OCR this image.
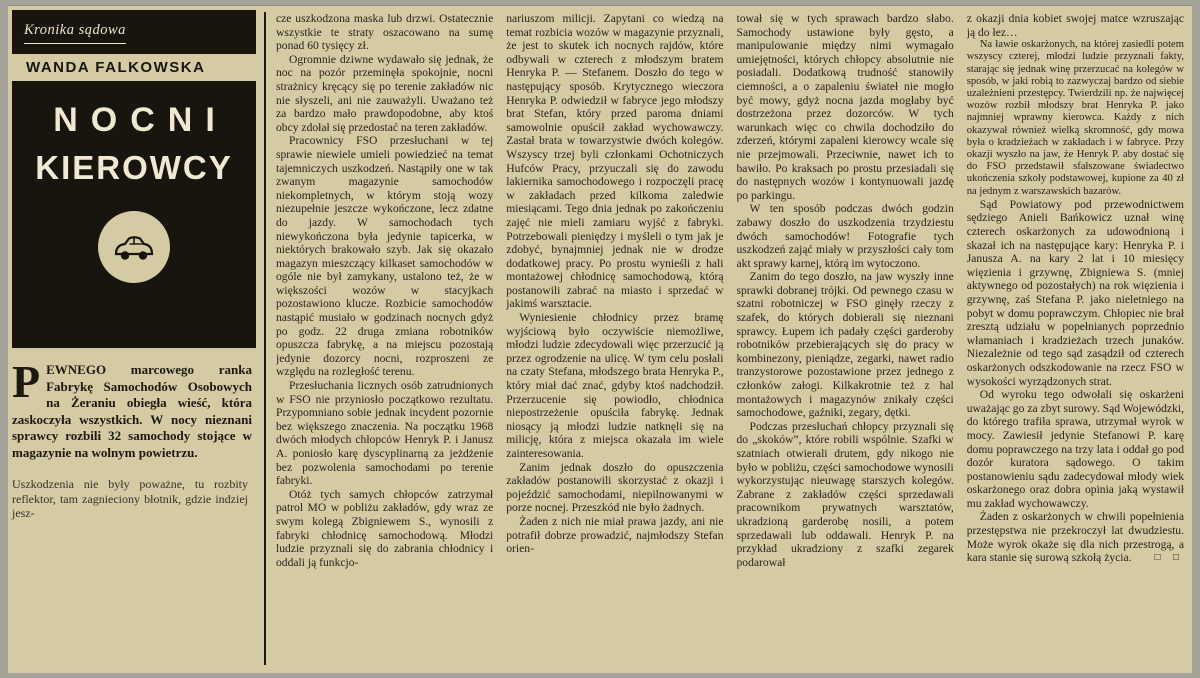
Kronika sądowa
WANDA FALKOWSKA
NOCNI
KIEROWCY

PEWNEGO marcowego ranka Fabrykę Samochodów Osobowych na Żeraniu obiegła wieść, która zaskoczyła wszystkich. W nocy nieznani sprawcy rozbili 32 samochody stojące w magazynie na wolnym powietrzu.

Uszkodzenia nie były poważne, tu rozbity reflektor, tam zagnieciony błotnik, gdzie indziej jesz-

cze uszkodzona maska lub drzwi. Ostatecznie wszystkie te straty oszacowano na sumę ponad 60 tysięcy zł.

Ogromnie dziwne wydawało się jednak, że noc na pozór przeminęła spokojnie, nocni strażnicy kręcący się po terenie zakładów nic nie słyszeli, ani nie zauważyli. Uważano też za bardzo mało prawdopodobne, aby ktoś obcy zdołał się przedostać na teren zakładów.

Pracownicy FSO przesłuchani w tej sprawie niewiele umieli powiedzieć na temat tajemniczych uszkodzeń. Nastąpiły one w tak zwanym magazynie samochodów niekompletnych, w którym stoją wozy niezupełnie jeszcze wykończone, lecz zdatne do jazdy. W samochodach tych niewykończona była jedynie tapicerka, w niektórych brakowało szyb. Jak się okazało magazyn mieszczący kilkaset samochodów w ogóle nie był zamykany, ustalono też, że w większości wozów w stacyjkach pozostawiono klucze. Rozbicie samochodów nastąpić musiało w godzinach nocnych gdyż po godz. 22 druga zmiana robotników opuszcza fabrykę, a na miejscu pozostają jedynie dozorcy nocni, rozproszeni ze względu na rozległość terenu.

Przesłuchania licznych osób zatrudnionych w FSO nie przyniosło początkowo rezultatu. Przypomniano sobie jednak incydent pozornie bez większego znaczenia. Na początku 1968 dwóch młodych chłopców Henryk P. i Janusz A. poniosło karę dyscyplinarną za jeżdżenie bez pozwolenia samochodami po terenie fabryki.

Otóż tych samych chłopców zatrzymał patrol MO w pobliżu zakładów, gdy wraz ze swym kolegą Zbigniewem S., wynosili z fabryki chłodnicę samochodową. Młodzi ludzie przyznali się do zabrania chłodnicy i oddali ją funkcjo-

nariuszom milicji. Zapytani co wiedzą na temat rozbicia wozów w magazynie przyznali, że jest to skutek ich nocnych rajdów, które odbywali w czterech z młodszym bratem Henryka P. — Stefanem. Doszło do tego w następujący sposób. Krytycznego wieczora Henryka P. odwiedził w fabryce jego młodszy brat Stefan, który przed paroma dniami samowolnie opuścił zakład wychowawczy. Zastał brata w towarzystwie dwóch kolegów. Wszyscy trzej byli członkami Ochotniczych Hufców Pracy, przyuczali się do zawodu lakiernika samochodowego i rozpoczęli pracę w zakładach przed kilkoma zaledwie miesiącami. Tego dnia jednak po zakończeniu zajęć nie mieli zamiaru wyjść z fabryki. Potrzebowali pieniędzy i myśleli o tym jak je zdobyć, bynajmniej jednak nie w drodze dodatkowej pracy. Po prostu wynieśli z hali montażowej chłodnicę samochodową, którą postanowili zabrać na miasto i sprzedać w jakimś warsztacie.

Wyniesienie chłodnicy przez bramę wyjściową było oczywiście niemożliwe, młodzi ludzie zdecydowali więc przerzucić ją przez ogrodzenie na ulicę. W tym celu posłali na czaty Stefana, młodszego brata Henryka P., który miał dać znać, gdyby ktoś nadchodził. Przerzucenie się powiodło, chłodnica niepostrzeżenie opuściła fabrykę. Jednak niosący ją młodzi ludzie natknęli się na milicję, która z miejsca okazała im wiele zainteresowania.

Zanim jednak doszło do opuszczenia zakładów postanowili skorzystać z okazji i pojeździć samochodami, niepilnowanymi w porze nocnej. Przeszkód nie było żadnych.

Żaden z nich nie miał prawa jazdy, ani nie potrafił dobrze prowadzić, najmłodszy Stefan orien-

tował się w tych sprawach bardzo słabo. Samochody ustawione były gęsto, a manipulowanie między nimi wymagało umiejętności, których chłopcy absolutnie nie posiadali. Dodatkową trudność stanowiły ciemności, a o zapaleniu świateł nie mogło być mowy, gdyż nocna jazda mogłaby być dostrzeżona przez dozorców. W tych warunkach więc co chwila dochodziło do zderzeń, którymi zapaleni kierowcy wcale się nie przejmowali. Przeciwnie, nawet ich to bawiło. Po kraksach po prostu przesiadali się do następnych wozów i kontynuowali jazdę po parkingu.

W ten sposób podczas dwóch godzin zabawy doszło do uszkodzenia trzydziestu dwóch samochodów! Fotografie tych uszkodzeń zająć miały w przyszłości cały tom akt sprawy karnej, którą im wytoczono.

Zanim do tego doszło, na jaw wyszły inne sprawki dobranej trójki. Od pewnego czasu w szatni robotniczej w FSO ginęły rzeczy z szafek, do których dobierali się nieznani sprawcy. Łupem ich padały części garderoby robotników przebierających się do pracy w kombinezony, pieniądze, zegarki, nawet radio tranzystorowe pozostawione przez jednego z członków załogi. Kilkakrotnie też z hal montażowych i magazynów znikały części samochodowe, gaźniki, zegary, dętki.

Podczas przesłuchań chłopcy przyznali się do „skoków”, które robili wspólnie. Szafki w szatniach otwierali drutem, gdy nikogo nie było w pobliżu, części samochodowe wynosili wykorzystując nieuwagę starszych kolegów. Zabrane z zakładów części sprzedawali pracownikom prywatnych warsztatów, ukradzioną garderobę nosili, a potem sprzedawali lub oddawali. Henryk P. na przykład ukradziony z szafki zegarek podarował

z okazji dnia kobiet swojej matce wzruszając ją do łez…

Na ławie oskarżonych, na której zasiedli potem wszyscy czterej, młodzi ludzie przyznali fakty, starając się jednak winę przerzucać na kolegów w sposób, w jaki robią to zazwyczaj bardzo od siebie uzależnieni przestępcy. Twierdzili np. że najwięcej wozów rozbił młodszy brat Henryka P. jako najmniej wprawny kierowca. Każdy z nich okazywał również wielką skromność, gdy mowa była o kradzieżach w zakładach i w fabryce. Przy okazji wyszło na jaw, że Henryk P. aby dostać się do FSO przedstawił sfałszowane świadectwo ukończenia szkoły podstawowej, kupione za 40 zł na jednym z warszawskich bazarów.

Sąd Powiatowy pod przewodnictwem sędziego Anieli Bańkowicz uznał winę czterech oskarżonych za udowodnioną i skazał ich na następujące kary: Henryka P. i Janusza A. na kary 2 lat i 10 miesięcy więzienia i grzywnę, Zbigniewa S. (mniej aktywnego od pozostałych) na rok więzienia i grzywnę, zaś Stefana P. jako nieletniego na pobyt w domu poprawczym. Chłopiec nie brał zresztą udziału w popełnianych poprzednio włamaniach i kradzieżach trzech junaków. Niezależnie od tego sąd zasądził od czterech oskarżonych odszkodowanie na rzecz FSO w wysokości wyrządzonych strat.

Od wyroku tego odwołali się oskarżeni uważając go za zbyt surowy. Sąd Wojewódzki, do którego trafiła sprawa, utrzymał wyrok w mocy. Zawiesił jedynie Stefanowi P. karę domu poprawczego na trzy lata i oddał go pod dozór kuratora sądowego. O takim postanowieniu sądu zadecydował młody wiek oskarżonego oraz dobra opinia jaką wystawił mu zakład wychowawczy.

Żaden z oskarżonych w chwili popełnienia przestępstwa nie przekroczył lat dwudziestu. Może wyrok okaże się dla nich przestrogą, a kara stanie się surową szkołą życia.	□ □
